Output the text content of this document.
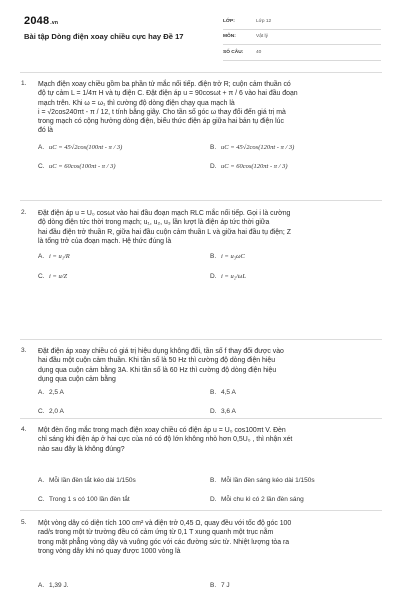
2048.vn
Bài tập Dòng điện xoay chiều cực hay Đề 17
LỚP:	Lớp 12
MÔN:	Vật lý
SỐ CÂU:	40
1. Mạch điện xoay chiều gồm ba phần tử mắc nối tiếp. điện trở R; cuộn cảm thuần có
độ tự cảm L = 1/4π H và tụ điện C. Đặt điện áp u = 90cosωt + π / 6 vào hai đầu đoạn
mạch trên. Khi ω = ω₁ thì cường độ dòng điện chạy qua mạch là
i = √2cos240πt - π / 12, t tính bằng giây. Cho tần số góc ω thay đổi đến giá trị mà
trong mạch có cộng hưởng dòng điện, biểu thức điện áp giữa hai bản tụ điện lúc
đó là
A. uC = 45√2cos(100πt - π / 3)	B. uC = 45√2cos(120πt - π / 3)
C. uC = 60cos(100πt - π / 3)	D. uC = 60cos(120πt - π / 3)
2. Đặt điện áp u = U₀ cosωt vào hai đầu đoạn mạch RLC mắc nối tiếp. Gọi i là cường
độ dòng điện tức thời trong mạch; u₁, u₂, u₃ lần lượt là điện áp tức thời giữa
hai đầu điện trở thuần R, giữa hai đầu cuộn cảm thuần L và giữa hai đầu tụ điện; Z
là tổng trở của đoạn mạch. Hệ thức đúng là
A. i = u₁/R	B. i = u₃ωC
C. i = u/Z	D. i = u₂/ωL
3. Đặt điện áp xoay chiều có giá trị hiệu dụng không đổi, tần số f thay đổi được vào
hai đầu một cuộn cảm thuần. Khi tần số là 50 Hz thì cường độ dòng điện hiệu
dụng qua cuộn cảm bằng 3A. Khi tần số là 60 Hz thì cường độ dòng điện hiệu
dụng qua cuộn cảm bằng
A. 2,5 A	B. 4,5 A
C. 2,0 A	D. 3,6 A
4. Một đèn ống mắc trong mạch điện xoay chiều có điện áp u = U₀ cos100πt V. Đèn
chỉ sáng khi điện áp ở hai cực của nó có độ lớn không nhỏ hơn 0,5U₀ , thì nhận xét
nào sau đây là không đúng?
A. Mỗi lần đèn tắt kéo dài 1/150s	B. Mỗi lần đèn sáng kéo dài 1/150s
C. Trong 1 s có 100 lần đèn tắt	D. Mỗi chu kì có 2 lần đèn sáng
5. Một vòng dây có diện tích 100 cm² và điện trở 0,45 Ω, quay đều với tốc độ góc 100
rad/s trong một từ trường đều có cảm ứng từ 0,1 T xung quanh một trục nằm
trong mặt phẳng vòng dây và vuông góc với các đường sức từ. Nhiệt lượng tỏa ra
trong vòng dây khi nó quay được 1000 vòng là
A. 1,39 J.	B. 7 J
